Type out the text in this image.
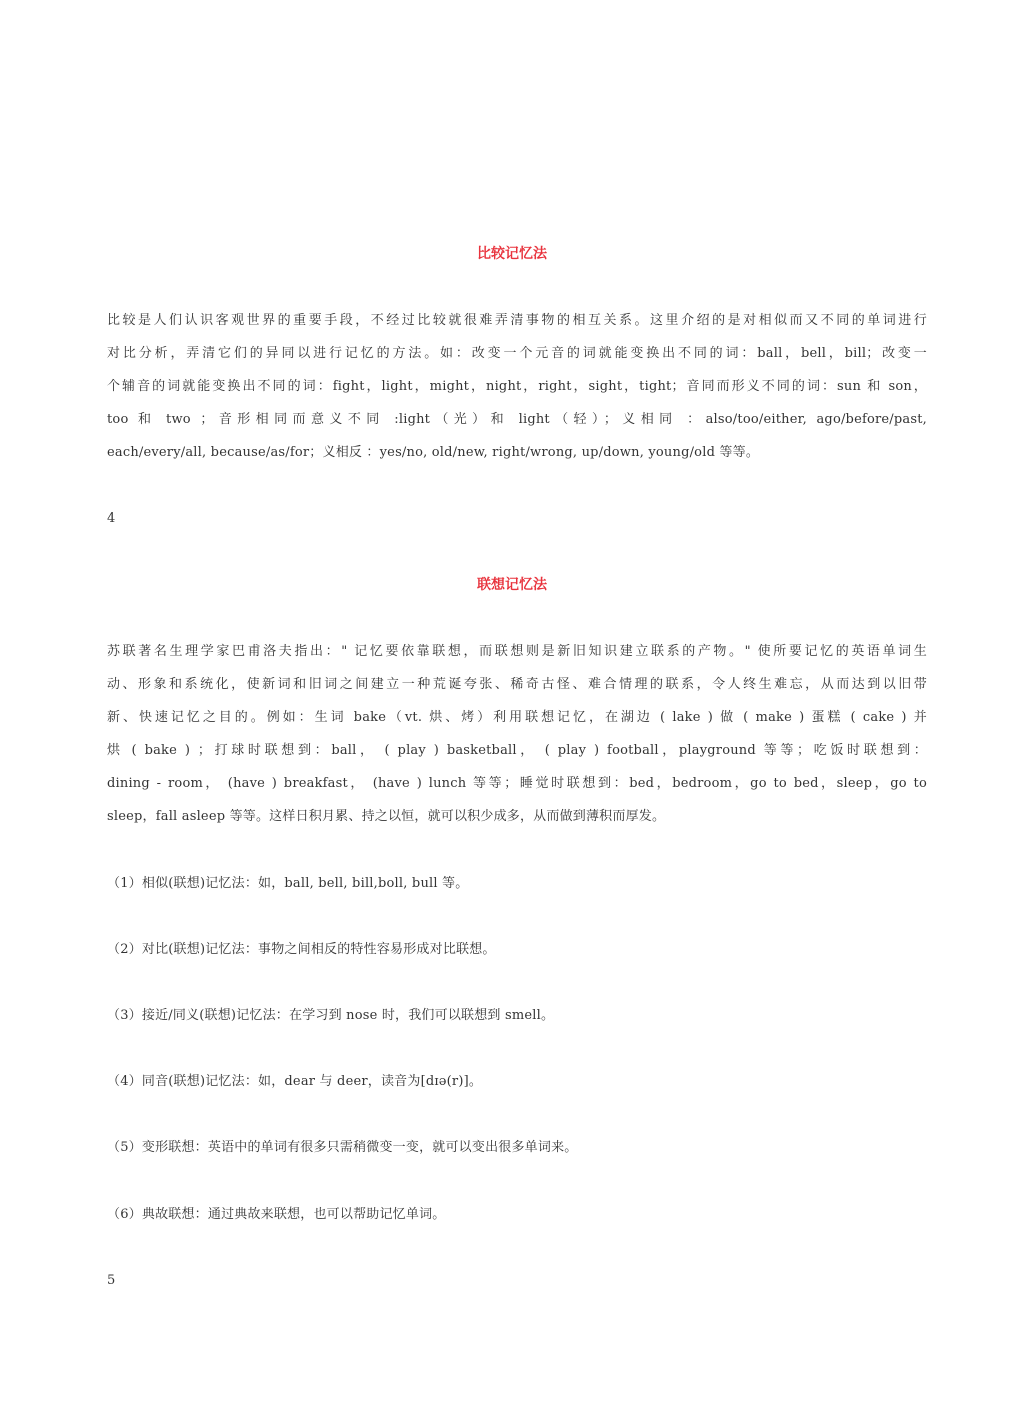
比较记忆法
比较是人们认识客观世界的重要手段，不经过比较就很难弄清事物的相互关系。这里介绍的是对相似而又不同的单词进行
对比分析，弄清它们的异同以进行记忆的方法。如：改变一个元音的词就能变换出不同的词：ball，bell，bill；改变一
个辅音的词就能变换出不同的词：fight，light，might，night，right，sight，tight；音同而形义不同的词：sun 和 son，
too 和 two ；音形相同而意义不同 :light（光）和 light（轻）；义相同 ：also/too/either, ago/before/past,
each/every/all, because/as/for；义相反 ：yes/no, old/new, right/wrong, up/down, young/old 等等。
4
联想记忆法
苏联著名生理学家巴甫洛夫指出：" 记忆要依靠联想，而联想则是新旧知识建立联系的产物。" 使所要记忆的英语单词生
动、形象和系统化，使新词和旧词之间建立一种荒诞夸张、稀奇古怪、难合情理的联系，令人终生难忘，从而达到以旧带
新、快速记忆之目的。例如：生词 bake（vt. 烘、烤）利用联想记忆，在湖边 ( lake ) 做 ( make ) 蛋糕 ( cake ) 并
烘 ( bake ) ；打球时联想到：ball， ( play ) basketball， ( play ) football，playground 等等；吃饭时联想到：
dining - room， (have ) breakfast， (have ) lunch 等等；睡觉时联想到：bed，bedroom，go to bed，sleep，go to
sleep，fall asleep 等等。这样日积月累、持之以恒，就可以积少成多，从而做到薄积而厚发。
（1）相似(联想)记忆法：如，ball, bell, bill,boll, bull 等。
（2）对比(联想)记忆法：事物之间相反的特性容易形成对比联想。
（3）接近/同义(联想)记忆法：在学习到 nose 时，我们可以联想到 smell。
（4）同音(联想)记忆法：如，dear 与 deer，读音为[dɪə(r)]。
（5）变形联想：英语中的单词有很多只需稍微变一变，就可以变出很多单词来。
（6）典故联想：通过典故来联想，也可以帮助记忆单词。
5
